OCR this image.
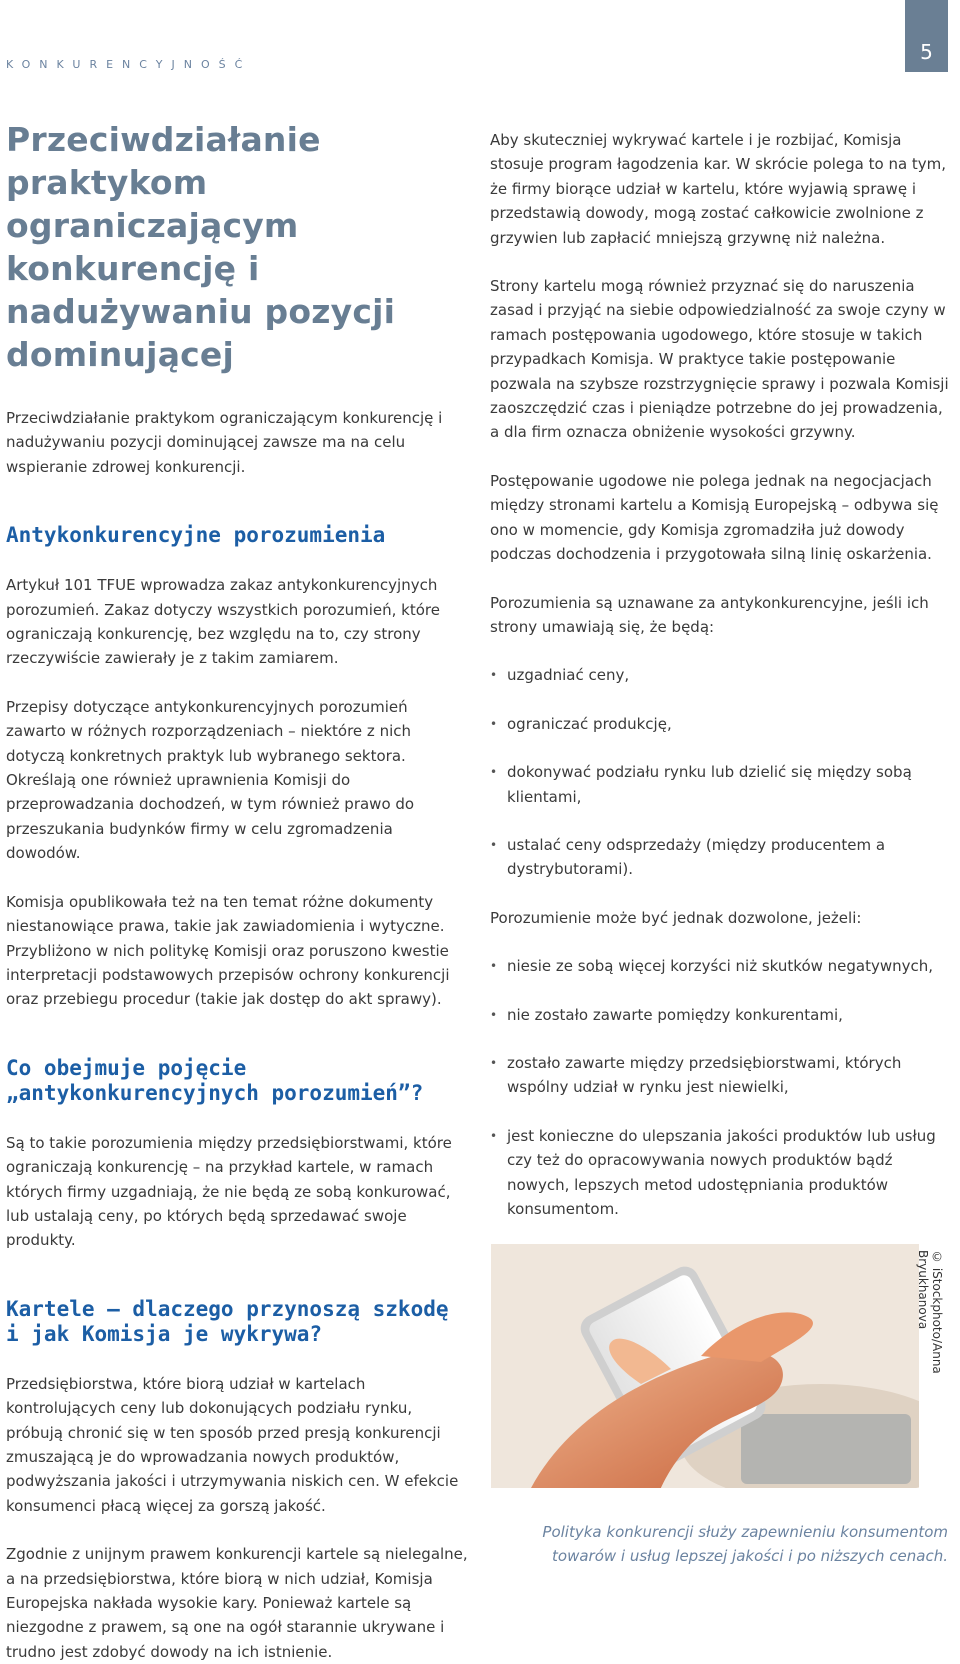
KONKURENCYJNOŚĆ
5
Przeciwdziałanie praktykom ograniczającym konkurencję i nadużywaniu pozycji dominującej

Przeciwdziałanie praktykom ograniczającym konkurencję i nadużywaniu pozycji dominującej zawsze ma na celu wspieranie zdrowej konkurencji.

Antykonkurencyjne porozumienia

Artykuł 101 TFUE wprowadza zakaz antykonkurencyjnych porozumień. Zakaz dotyczy wszystkich porozumień, które ograniczają konkurencję, bez względu na to, czy strony rzeczywiście zawierały je z takim zamiarem.

Przepisy dotyczące antykonkurencyjnych porozumień zawarto w różnych rozporządzeniach – niektóre z nich dotyczą konkretnych praktyk lub wybranego sektora. Określają one również uprawnienia Komisji do przeprowadzania dochodzeń, w tym również prawo do przeszukania budynków firmy w celu zgromadzenia dowodów.

Komisja opublikowała też na ten temat różne dokumenty niestanowiące prawa, takie jak zawiadomienia i wytyczne. Przybliżono w nich politykę Komisji oraz poruszono kwestie interpretacji podstawowych przepisów ochrony konkurencji oraz przebiegu procedur (takie jak dostęp do akt sprawy).

Co obejmuje pojęcie „antykonkurencyjnych porozumień”?

Są to takie porozumienia między przedsiębiorstwami, które ograniczają konkurencję – na przykład kartele, w ramach których firmy uzgadniają, że nie będą ze sobą konkurować, lub ustalają ceny, po których będą sprzedawać swoje produkty.

Kartele – dlaczego przynoszą szkodę i jak Komisja je wykrywa?

Przedsiębiorstwa, które biorą udział w kartelach kontrolujących ceny lub dokonujących podziału rynku, próbują chronić się w ten sposób przed presją konkurencji zmuszającą je do wprowadzania nowych produktów, podwyższania jakości i utrzymywania niskich cen. W efekcie konsumenci płacą więcej za gorszą jakość.

Zgodnie z unijnym prawem konkurencji kartele są nielegalne, a na przedsiębiorstwa, które biorą w nich udział, Komisja Europejska nakłada wysokie kary. Ponieważ kartele są niezgodne z prawem, są one na ogół starannie ukrywane i trudno jest zdobyć dowody na ich istnienie.

Aby skuteczniej wykrywać kartele i je rozbijać, Komisja stosuje program łagodzenia kar. W skrócie polega to na tym, że firmy biorące udział w kartelu, które wyjawią sprawę i przedstawią dowody, mogą zostać całkowicie zwolnione z grzywien lub zapłacić mniejszą grzywnę niż należna.

Strony kartelu mogą również przyznać się do naruszenia zasad i przyjąć na siebie odpowiedzialność za swoje czyny w ramach postępowania ugodowego, które stosuje w takich przypadkach Komisja. W praktyce takie postępowanie pozwala na szybsze rozstrzygnięcie sprawy i pozwala Komisji zaoszczędzić czas i pieniądze potrzebne do jej prowadzenia, a dla firm oznacza obniżenie wysokości grzywny.

Postępowanie ugodowe nie polega jednak na negocjacjach między stronami kartelu a Komisją Europejską – odbywa się ono w momencie, gdy Komisja zgromadziła już dowody podczas dochodzenia i przygotowała silną linię oskarżenia.

Porozumienia są uznawane za antykonkurencyjne, jeśli ich strony umawiają się, że będą:

• uzgadniać ceny,
• ograniczać produkcję,
• dokonywać podziału rynku lub dzielić się między sobą klientami,
• ustalać ceny odsprzedaży (między producentem a dystrybutorami).

Porozumienie może być jednak dozwolone, jeżeli:

• niesie ze sobą więcej korzyści niż skutków negatywnych,
• nie zostało zawarte pomiędzy konkurentami,
• zostało zawarte między przedsiębiorstwami, których wspólny udział w rynku jest niewielki,
• jest konieczne do ulepszania jakości produktów lub usług czy też do opracowywania nowych produktów bądź nowych, lepszych metod udostępniania produktów konsumentom.
© iStockphoto/Anna Bryukhanova
Polityka konkurencji służy zapewnieniu konsumentom towarów i usług lepszej jakości i po niższych cenach.
